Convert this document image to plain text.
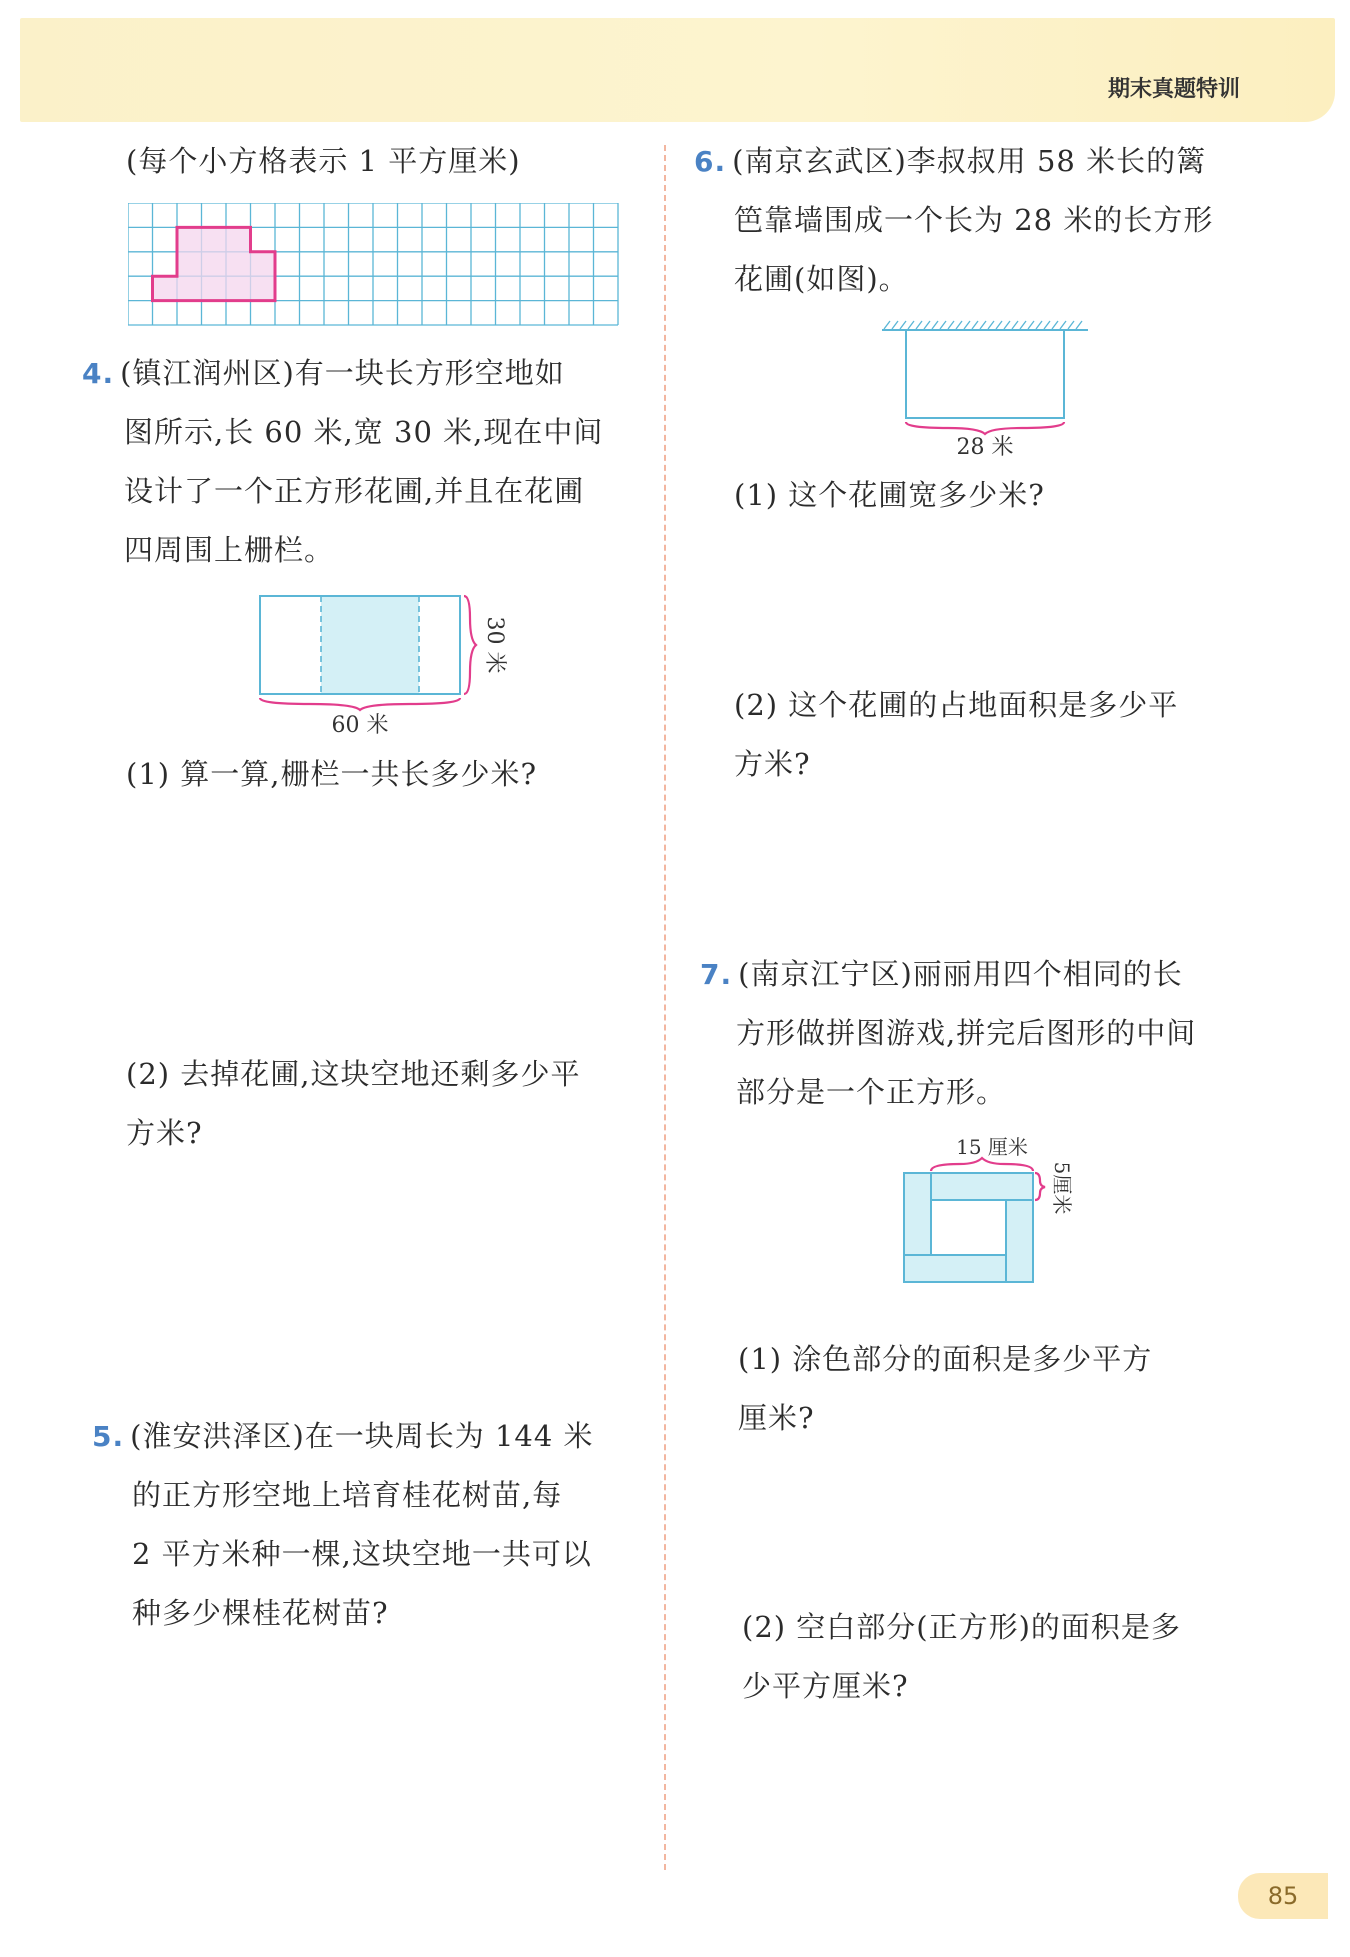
期末真题特训
(每个小方格表示 1 平方厘米)
4. (镇江润州区)有一块长方形空地如
图所示,长 60 米,宽 30 米,现在中间
设计了一个正方形花圃,并且在花圃
四周围上栅栏。
60 米
30 米
(1) 算一算,栅栏一共长多少米?
(2) 去掉花圃,这块空地还剩多少平
方米?
5. (淮安洪泽区)在一块周长为 144 米
的正方形空地上培育桂花树苗,每
2 平方米种一棵,这块空地一共可以
种多少棵桂花树苗?
6. (南京玄武区)李叔叔用 58 米长的篱
笆靠墙围成一个长为 28 米的长方形
花圃(如图)。
28 米
(1) 这个花圃宽多少米?
(2) 这个花圃的占地面积是多少平
方米?
7. (南京江宁区)丽丽用四个相同的长
方形做拼图游戏,拼完后图形的中间
部分是一个正方形。
15 厘米
5厘米
(1) 涂色部分的面积是多少平方
厘米?
(2) 空白部分(正方形)的面积是多
少平方厘米?
85
